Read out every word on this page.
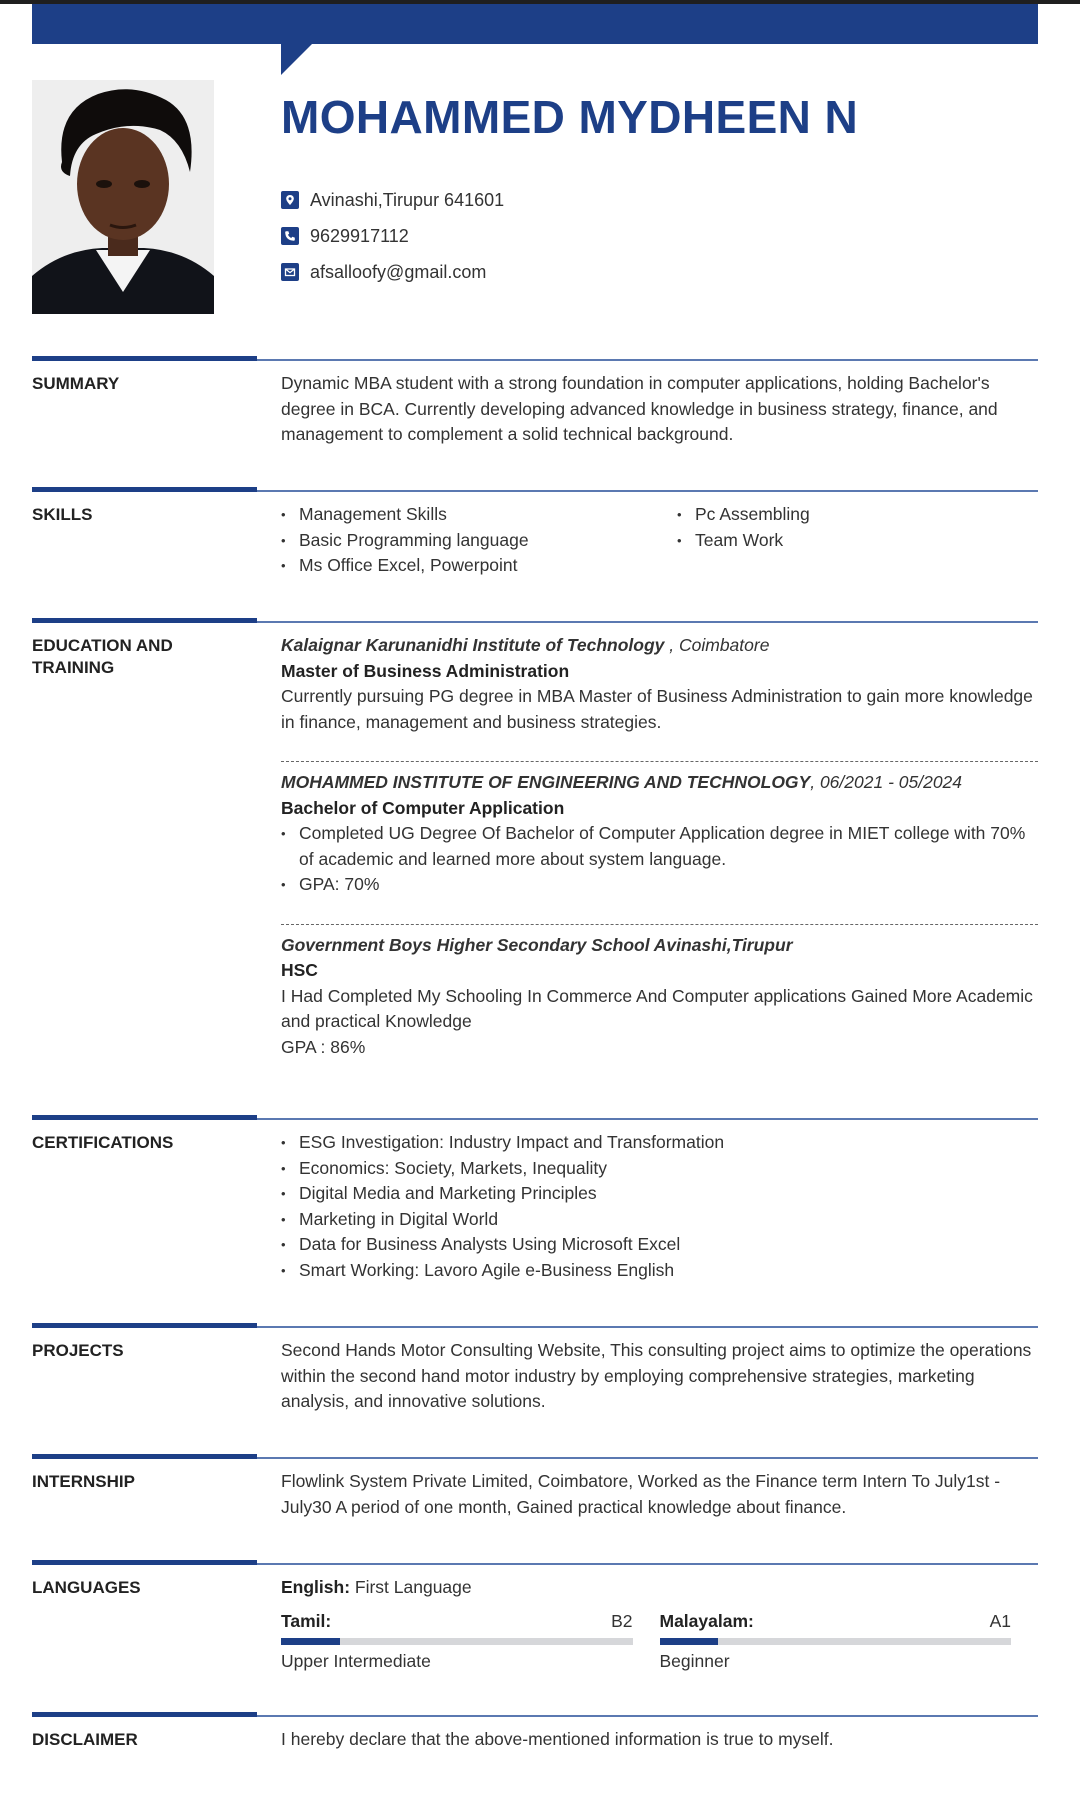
MOHAMMED MYDHEEN N
Avinashi,Tirupur 641601
9629917112
afsalloofy@gmail.com
SUMMARY	Dynamic MBA student with a strong foundation in computer applications, holding Bachelor's degree in BCA. Currently developing advanced knowledge in business strategy, finance, and management to complement a solid technical background.
SKILLS	• Management Skills
• Basic Programming language
• Ms Office Excel, Powerpoint
• Pc Assembling
• Team Work
EDUCATION AND TRAINING
Kalaignar Karunanidhi Institute of Technology , Coimbatore
Master of Business Administration
Currently pursuing PG degree in MBA Master of Business Administration to gain more knowledge in finance, management and business strategies.
MOHAMMED INSTITUTE OF ENGINEERING AND TECHNOLOGY, 06/2021 - 05/2024
Bachelor of Computer Application
• Completed UG Degree Of Bachelor of Computer Application degree in MIET college with 70% of academic and learned more about system language.
• GPA: 70%
Government Boys Higher Secondary School Avinashi,Tirupur
HSC
I Had Completed My Schooling In Commerce And Computer applications Gained More Academic and practical Knowledge
GPA : 86%
CERTIFICATIONS	• ESG Investigation: Industry Impact and Transformation
• Economics: Society, Markets, Inequality
• Digital Media and Marketing Principles
• Marketing in Digital World
• Data for Business Analysts Using Microsoft Excel
• Smart Working: Lavoro Agile e-Business English
PROJECTS	Second Hands Motor Consulting Website, This consulting project aims to optimize the operations within the second hand motor industry by employing comprehensive strategies, marketing analysis, and innovative solutions.
INTERNSHIP	Flowlink System Private Limited, Coimbatore, Worked as the Finance term Intern To July1st - July30 A period of one month, Gained practical knowledge about finance.
LANGUAGES	English: First Language
Tamil:	B2
Upper Intermediate
Malayalam:	A1
Beginner
DISCLAIMER	I hereby declare that the above-mentioned information is true to myself.
